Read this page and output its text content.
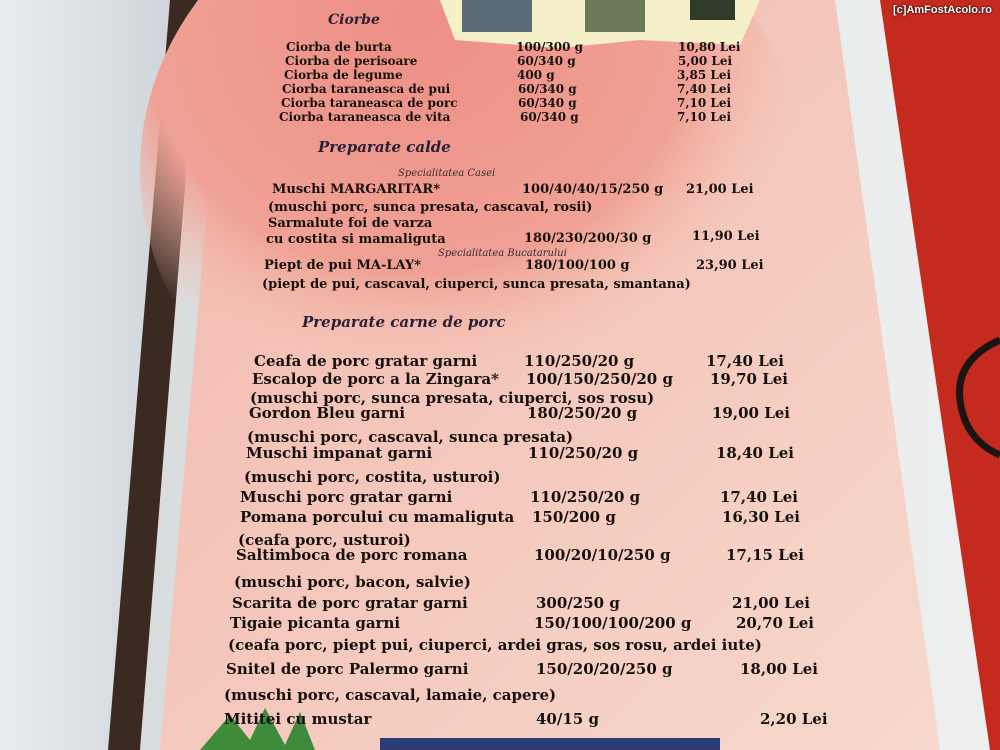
[c]AmFostAcolo.ro
Ciorbe
Ciorba de burta	100/300 g	10,80 Lei
Ciorba de perisoare	60/340 g	5,00 Lei
Ciorba de legume	400 g	3,85 Lei
Ciorba taraneasca de pui	60/340 g	7,40 Lei
Ciorba taraneasca de porc	60/340 g	7,10 Lei
Ciorba taraneasca de vita	60/340 g	7,10 Lei
Preparate calde
Specialitatea Casei
Muschi MARGARITAR*	100/40/40/15/250 g 21,00 Lei
(muschi porc, sunca presata, cascaval, rosii)
Sarmalute foi de varza
cu costita si mamaliguta	180/230/200/30 g	11,90 Lei
Specialitatea Bucatarului
Piept de pui MA-LAY*	180/100/100 g	23,90 Lei
(piept de pui, cascaval, ciuperci, sunca presata, smantana)
Preparate carne de porc
Ceafa de porc gratar garni	110/250/20 g	17,40 Lei
Escalop de porc a la Zingara* 100/150/250/20 g 19,70 Lei
(muschi porc, sunca presata, ciuperci, sos rosu)
Gordon Bleu garni	180/250/20 g	19,00 Lei
(muschi porc, cascaval, sunca presata)
Muschi impanat garni	110/250/20 g	18,40 Lei
(muschi porc, costita, usturoi)
Muschi porc gratar garni	110/250/20 g	17,40 Lei
Pomana porcului cu mamaliguta 150/200 g	16,30 Lei
(ceafa porc, usturoi)
Saltimboca de porc romana	100/20/10/250 g	17,15 Lei
(muschi porc, bacon, salvie)
Scarita de porc gratar garni	300/250 g	21,00 Lei
Tigaie picanta garni	150/100/100/200 g	20,70 Lei
(ceafa porc, piept pui, ciuperci, ardei gras, sos rosu, ardei iute)
Snitel de porc Palermo garni	150/20/20/250 g	18,00 Lei
(muschi porc, cascaval, lamaie, capere)
Mititei cu mustar	40/15 g	2,20 Lei
